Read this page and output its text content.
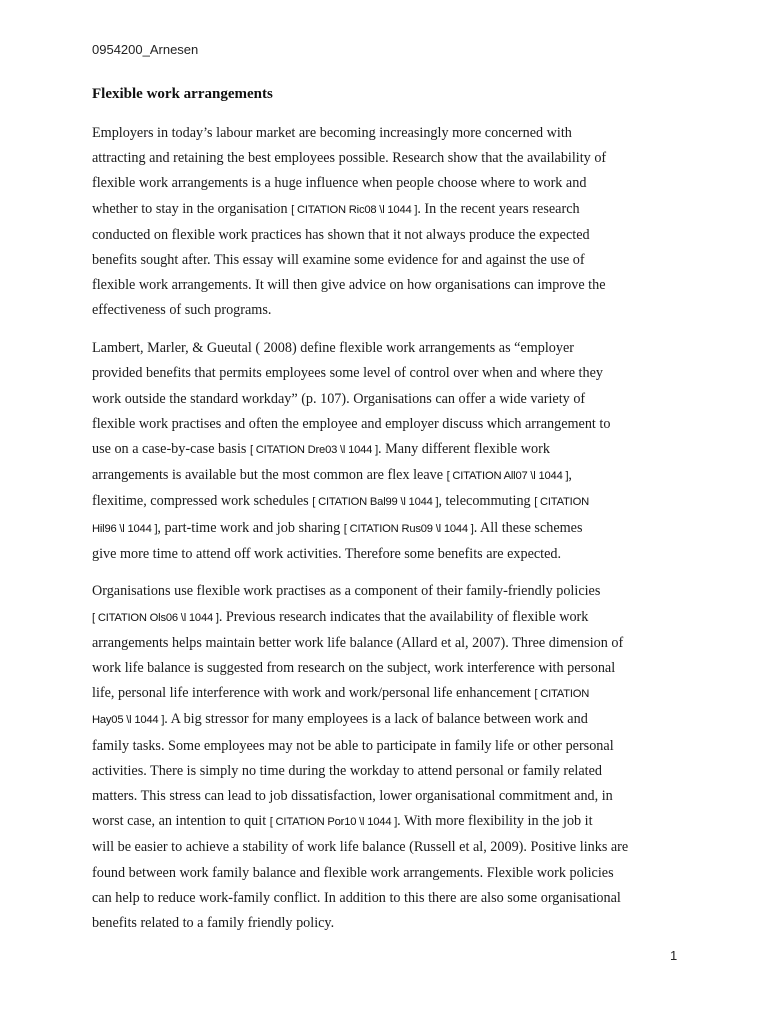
0954200_Arnesen
Flexible work arrangements
Employers in today’s labour market are becoming increasingly more concerned with
attracting and retaining the best employees possible. Research show that the availability of
flexible work arrangements is a huge influence when people choose where to work and
whether to stay in the organisation [ CITATION Ric08 \l 1044 ]. In the recent years research
conducted on flexible work practices has shown that it not always produce the expected
benefits sought after. This essay will examine some evidence for and against the use of
flexible work arrangements. It will then give advice on how organisations can improve the
effectiveness of such programs.
Lambert, Marler, & Gueutal ( 2008) define flexible work arrangements as “employer
provided benefits that permits employees some level of control over when and where they
work outside the standard workday” (p. 107). Organisations can offer a wide variety of
flexible work practises and often the employee and employer discuss which arrangement to
use on a case-by-case basis [ CITATION Dre03 \l 1044 ]. Many different flexible work
arrangements is available but the most common are flex leave [ CITATION All07 \l 1044 ],
flexitime, compressed work schedules [ CITATION Bal99 \l 1044 ], telecommuting [ CITATION
Hil96 \l 1044 ], part-time work and job sharing [ CITATION Rus09 \l 1044 ]. All these schemes
give more time to attend off work activities. Therefore some benefits are expected.
Organisations use flexible work practises as a component of their family-friendly policies
[ CITATION Ols06 \l 1044 ]. Previous research indicates that the availability of flexible work
arrangements helps maintain better work life balance (Allard et al, 2007). Three dimension of
work life balance is suggested from research on the subject, work interference with personal
life, personal life interference with work and work/personal life enhancement [ CITATION
Hay05 \l 1044 ]. A big stressor for many employees is a lack of balance between work and
family tasks. Some employees may not be able to participate in family life or other personal
activities. There is simply no time during the workday to attend personal or family related
matters. This stress can lead to job dissatisfaction, lower organisational commitment and, in
worst case, an intention to quit [ CITATION Por10 \l 1044 ]. With more flexibility in the job it
will be easier to achieve a stability of work life balance (Russell et al, 2009). Positive links are
found between work family balance and flexible work arrangements. Flexible work policies
can help to reduce work-family conflict. In addition to this there are also some organisational
benefits related to a family friendly policy.
1
